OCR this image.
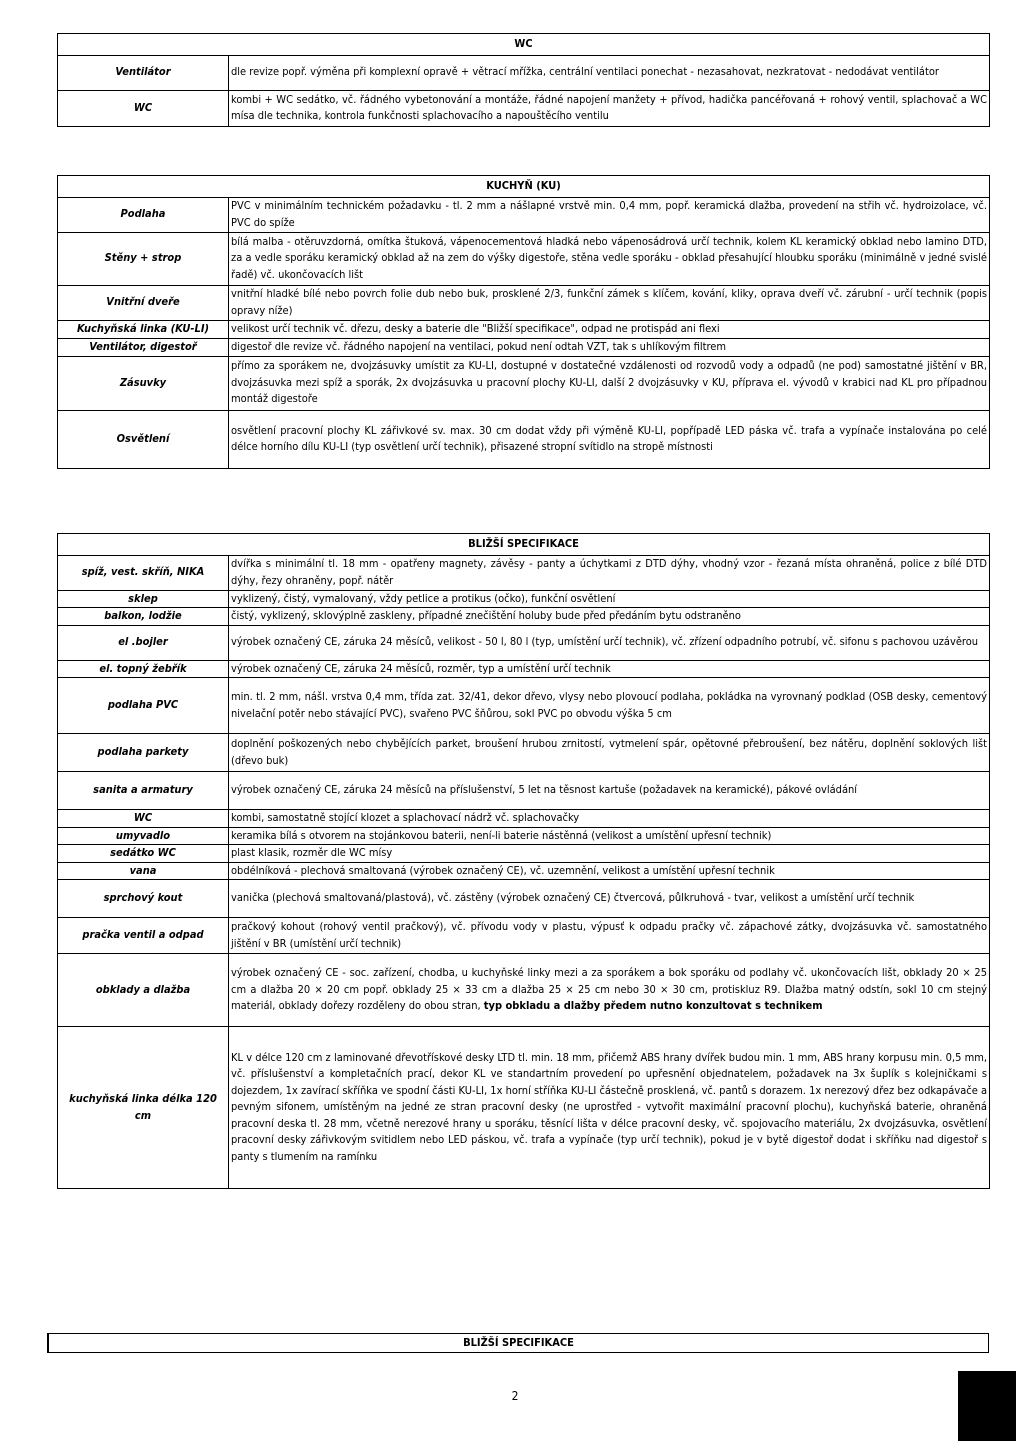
WC	
Ventilátor	dle revize popř. výměna při komplexní opravě + větrací mřížka, centrální ventilaci ponechat - nezasahovat, nezkratovat - nedodávat ventilátor
WC	kombi + WC sedátko, vč. řádného vybetonování a montáže, řádné napojení manžety + přívod, hadička pancéřovaná + rohový ventil, splachovač a WC mísa dle technika, kontrola funkčnosti splachovacího a napouštěcího ventilu
KUCHYŇ (KU)	
Podlaha	PVC v minimálním technickém požadavku - tl. 2 mm a nášlapné vrstvě min. 0,4 mm, popř. keramická dlažba, provedení na střih vč. hydroizolace, vč. PVC do spíže
Stěny + strop	bílá malba - otěruvzdorná, omítka štuková, vápenocementová hladká nebo vápenosádrová určí technik, kolem KL keramický obklad nebo lamino DTD, za a vedle sporáku keramický obklad až na zem do výšky digestoře, stěna vedle sporáku - obklad přesahující hloubku sporáku (minimálně v jedné svislé řadě) vč. ukončovacích lišt
Vnitřní dveře	vnitřní hladké bílé nebo povrch folie dub nebo buk, prosklené 2/3, funkční zámek s klíčem, kování, kliky, oprava dveří vč. zárubní - určí technik (popis opravy níže)
Kuchyňská linka (KU-LI)	velikost určí technik vč. dřezu, desky a baterie dle "Bližší specifikace", odpad ne protispád ani flexi
Ventilátor, digestoř	digestoř dle revize vč. řádného napojení na ventilaci, pokud není odtah VZT, tak s uhlíkovým filtrem
Zásuvky	přímo za sporákem ne, dvojzásuvky umístit za KU-LI, dostupné v dostatečné vzdálenosti od rozvodů vody a odpadů (ne pod) samostatné jištění v BR, dvojzásuvka mezi spíž a sporák, 2x dvojzásuvka u pracovní plochy KU-LI, další 2 dvojzásuvky v KU, příprava el. vývodů v krabici nad KL pro případnou montáž digestoře
Osvětlení	osvětlení pracovní plochy KL zářivkové sv. max. 30 cm dodat vždy při výměně KU-LI, popřípadě LED páska vč. trafa a vypínače instalována po celé délce horního dílu KU-LI (typ osvětlení určí technik), přisazené stropní svítidlo na stropě místnosti
BLIŽŠÍ SPECIFIKACE	
spíž, vest. skříň, NIKA	dvířka s minimální tl. 18 mm - opatřeny magnety, závěsy - panty a úchytkami z DTD dýhy, vhodný vzor - řezaná místa ohraněná, police z bílé DTD dýhy, řezy ohraněny, popř. nátěr
sklep	vyklizený, čistý, vymalovaný, vždy petlice a protikus (očko), funkční osvětlení
balkon, lodžie	čistý, vyklizený, sklovýplně zaskleny, případné znečištění holuby bude před předáním bytu odstraněno
el .bojler	výrobek označený CE, záruka 24 měsíců, velikost - 50 l, 80 l (typ, umístění určí technik), vč. zřízení odpadního potrubí, vč. sifonu s pachovou uzávěrou
el. topný žebřík	výrobek označený CE, záruka 24 měsíců, rozměr, typ a umístění určí technik
podlaha PVC	min. tl. 2 mm, nášl. vrstva 0,4 mm, třída zat. 32/41, dekor dřevo, vlysy nebo plovoucí podlaha, pokládka na vyrovnaný podklad (OSB desky, cementový nivelační potěr nebo stávající PVC), svařeno PVC šňůrou, sokl PVC po obvodu výška 5 cm
podlaha parkety	doplnění poškozených nebo chybějících parket, broušení hrubou zrnitostí, vytmelení spár, opětovné přebroušení, bez nátěru, doplnění soklových lišt (dřevo buk)
sanita a armatury	výrobek označený CE, záruka 24 měsíců na příslušenství, 5 let na těsnost kartuše (požadavek na keramické), pákové ovládání
WC	kombi, samostatně stojící klozet a splachovací nádrž vč. splachovačky
umyvadlo	keramika bílá s otvorem na stojánkovou baterii, není-li baterie nástěnná (velikost a umístění upřesní technik)
sedátko WC	plast klasik, rozměr dle WC mísy
vana	obdélníková - plechová smaltovaná (výrobek označený CE), vč. uzemnění, velikost a umístění upřesní technik
sprchový kout	vanička (plechová smaltovaná/plastová), vč. zástěny (výrobek označený CE) čtvercová, půlkruhová - tvar, velikost a umístění určí technik
pračka ventil a odpad	pračkový kohout (rohový ventil pračkový), vč. přívodu vody v plastu, výpusť k odpadu pračky vč. zápachové zátky, dvojzásuvka vč. samostatného jištění v BR (umístění určí technik)
obklady a dlažba	výrobek označený CE - soc. zařízení, chodba, u kuchyňské linky mezi a za sporákem a bok sporáku od podlahy vč. ukončovacích lišt, obklady 20 × 25 cm a dlažba 20 × 20 cm popř. obklady 25 × 33 cm a dlažba 25 × 25 cm nebo 30 × 30 cm, protiskluz R9. Dlažba matný odstín, sokl 10 cm stejný materiál, obklady dořezy rozděleny do obou stran, typ obkladu a dlažby předem nutno konzultovat s technikem
kuchyňská linka délka 120 cm	KL v délce 120 cm z laminované dřevotřískové desky LTD tl. min. 18 mm, přičemž ABS hrany dvířek budou min. 1 mm, ABS hrany korpusu min. 0,5 mm, vč. příslušenství a kompletačních prací, dekor KL ve standartním provedení po upřesnění objednatelem, požadavek na 3x šuplík s kolejničkami s dojezdem, 1x zavírací skříňka ve spodní části KU-LI, 1x horní stříňka KU-LI částečně prosklená, vč. pantů s dorazem. 1x nerezový dřez bez odkapávače a pevným sifonem, umístěným na jedné ze stran pracovní desky (ne uprostřed - vytvořit maximální pracovní plochu), kuchyňská baterie, ohraněná pracovní deska tl. 28 mm, včetně nerezové hrany u sporáku, těsnící lišta v délce pracovní desky, vč. spojovacího materiálu, 2x dvojzásuvka, osvětlení pracovní desky zářivkovým svitidlem nebo LED páskou, vč. trafa a vypínače (typ určí technik), pokud je v bytě digestoř dodat i skříňku nad digestoř s panty s tlumením na ramínku
BLIŽŠÍ SPECIFIKACE
2
